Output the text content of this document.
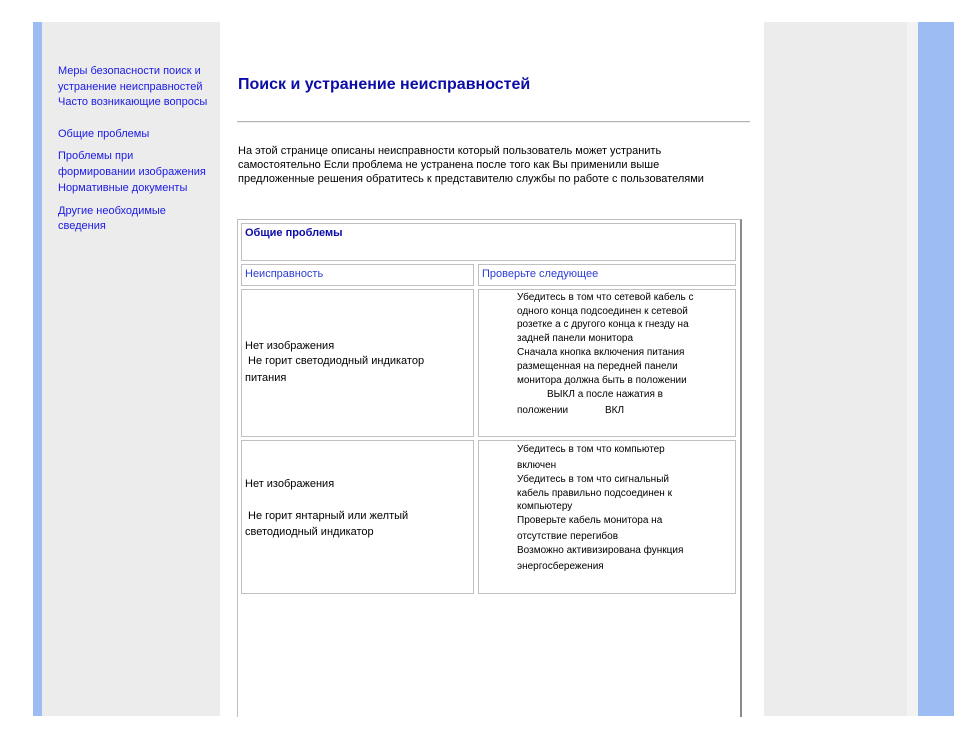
Меры безопасности поиск и
устранение неисправностей
Часто возникающие вопросы
Общие проблемы
Проблемы при
формировании изображения
Нормативные документы
Другие необходимые
сведения
Поиск и устранение неисправностей
На этой странице описаны неисправности который пользователь может устранить
самостоятельно Если проблема не устранена после того как Вы применили выше
предложенные решения обратитесь к представителю службы по работе с пользователями
Общие проблемы
Неисправность	Проверьте следующее
Нет изображения
Не горит светодиодный индикатор
питания
Убедитесь в том что сетевой кабель с
одного конца подсоединен к сетевой
розетке а с другого конца к гнезду на
задней панели монитора
Сначала кнопка включения питания
размещенная на передней панели
монитора должна быть в положении
ВЫКЛ а после нажатия в
положении	ВКЛ
Нет изображения
Не горит янтарный или желтый
светодиодный индикатор
Убедитесь в том что компьютер
включен
Убедитесь в том что сигнальный
кабель правильно подсоединен к
компьютеру
Проверьте кабель монитора на
отсутствие перегибов
Возможно активизирована функция
энергосбережения
